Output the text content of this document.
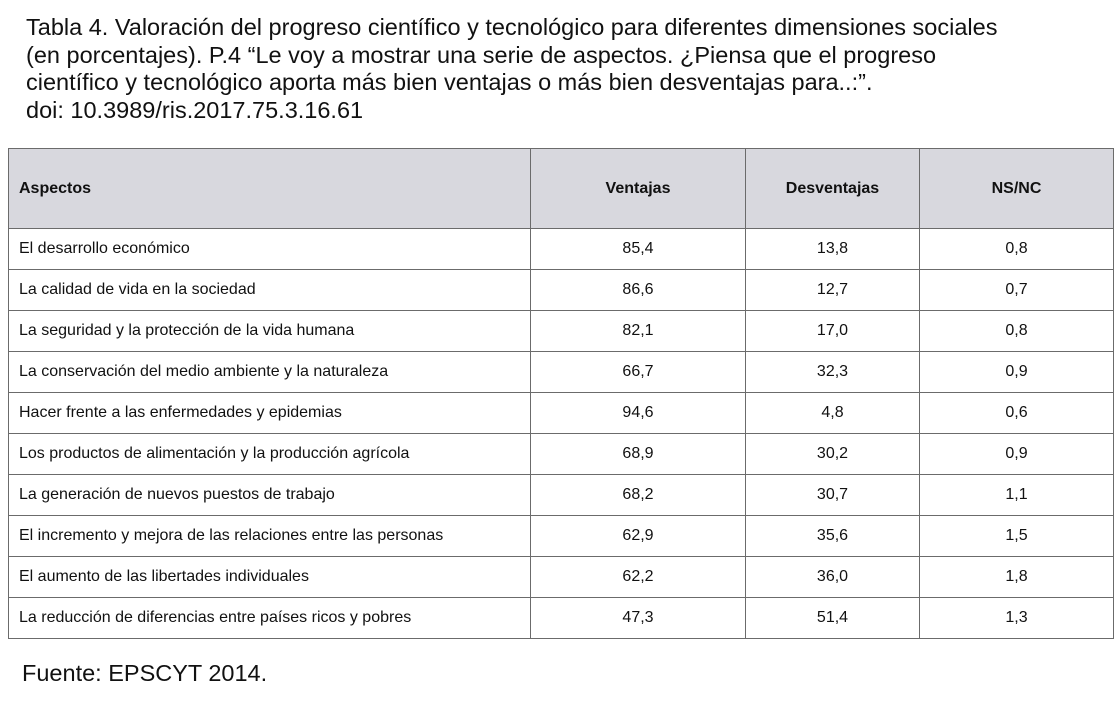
Tabla 4. Valoración del progreso científico y tecnológico para diferentes dimensiones sociales
(en porcentajes). P.4 “Le voy a mostrar una serie de aspectos. ¿Piensa que el progreso
científico y tecnológico aporta más bien ventajas o más bien desventajas para..:”.
doi: 10.3989/ris.2017.75.3.16.61

Aspectos	Ventajas	Desventajas	NS/NC
El desarrollo económico	85,4	13,8	0,8
La calidad de vida en la sociedad	86,6	12,7	0,7
La seguridad y la protección de la vida humana	82,1	17,0	0,8
La conservación del medio ambiente y la naturaleza	66,7	32,3	0,9
Hacer frente a las enfermedades y epidemias	94,6	4,8	0,6
Los productos de alimentación y la producción agrícola	68,9	30,2	0,9
La generación de nuevos puestos de trabajo	68,2	30,7	1,1
El incremento y mejora de las relaciones entre las personas	62,9	35,6	1,5
El aumento de las libertades individuales	62,2	36,0	1,8
La reducción de diferencias entre países ricos y pobres	47,3	51,4	1,3

Fuente: EPSCYT 2014.
